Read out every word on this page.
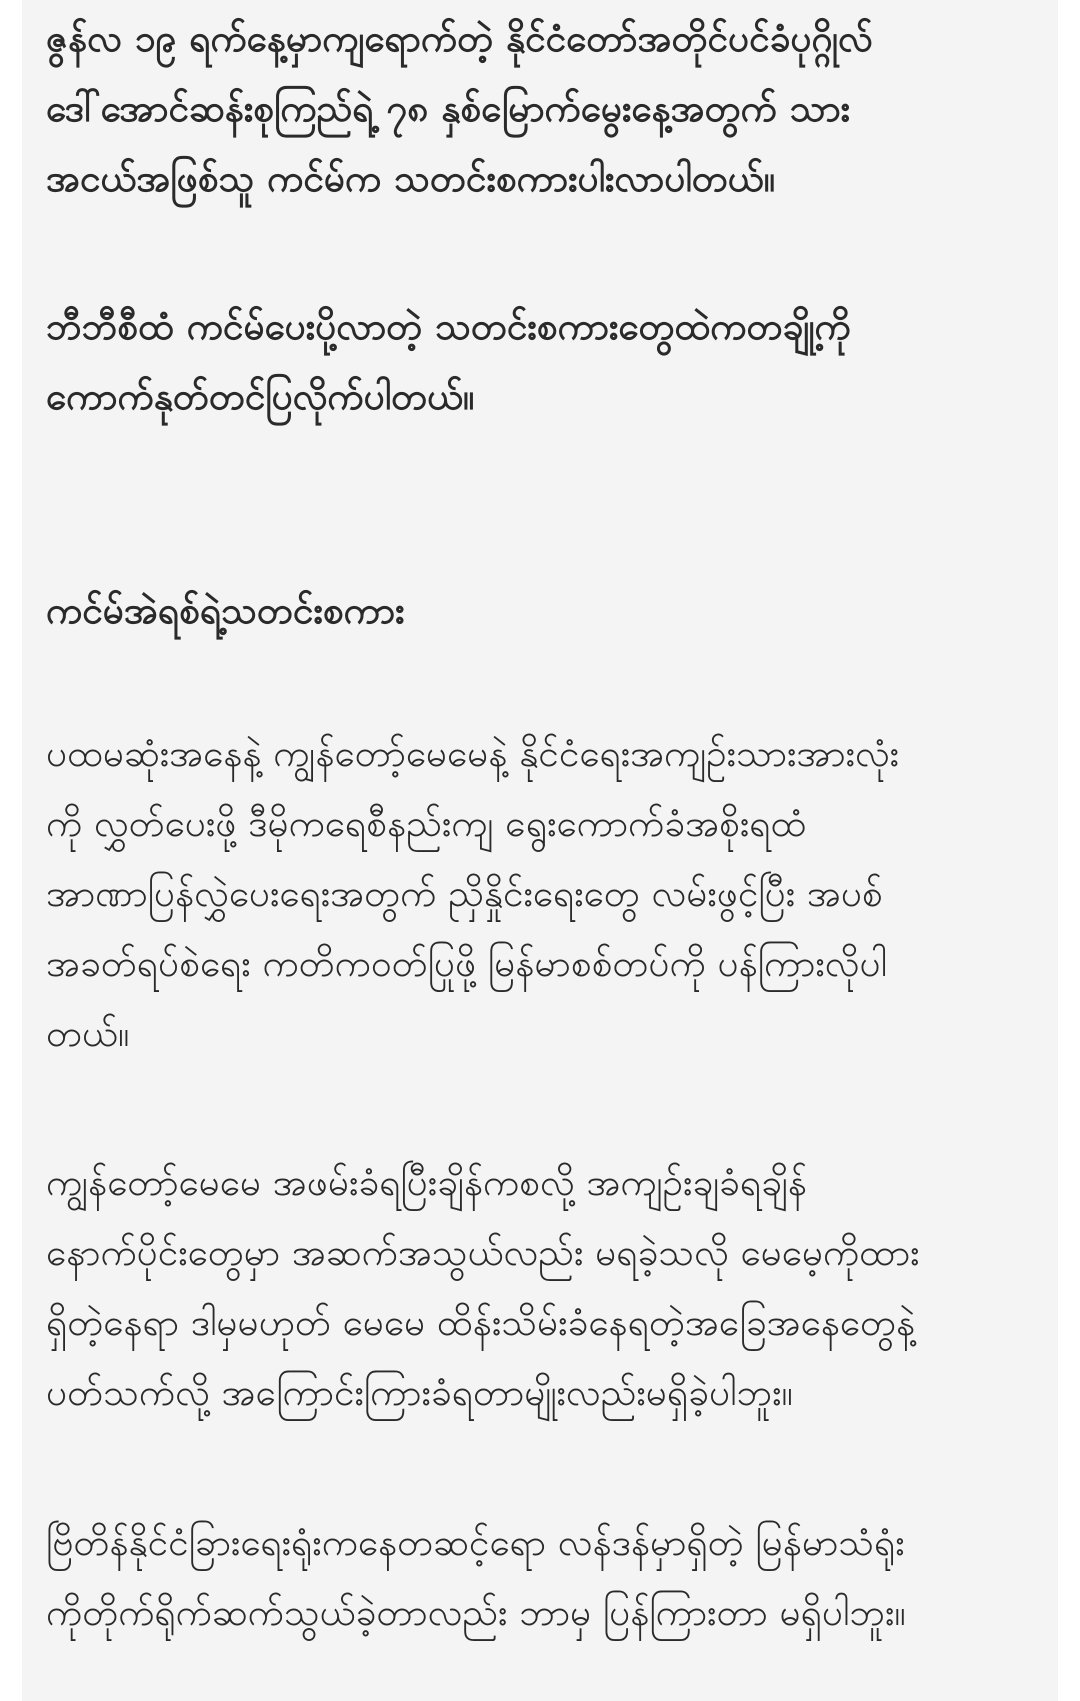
ဇွန်လ ၁၉ ရက်နေ့မှာကျရောက်တဲ့ နိုင်ငံတော်အတိုင်ပင်ခံပုဂ္ဂိုလ်
ဒေါ်အောင်ဆန်းစုကြည်ရဲ့ ၇၈ နှစ်မြောက်မွေးနေ့အတွက် သား
အငယ်အဖြစ်သူ ကင်မ်က သတင်းစကားပါးလာပါတယ်။
ဘီဘီစီထံ ကင်မ်ပေးပို့လာတဲ့ သတင်းစကားတွေထဲကတချို့ကို
ကောက်နုတ်တင်ပြလိုက်ပါတယ်။
ကင်မ်အဲရစ်ရဲ့သတင်းစကား
ပထမဆုံးအနေနဲ့ ကျွန်တော့်မေမေနဲ့ နိုင်ငံရေးအကျဉ်းသားအားလုံး
ကို လွှတ်ပေးဖို့ ဒီမိုကရေစီနည်းကျ ရွေးကောက်ခံအစိုးရထံ
အာဏာပြန်လွှဲပေးရေးအတွက် ညှိနှိုင်းရေးတွေ လမ်းဖွင့်ပြီး အပစ်
အခတ်ရပ်စဲရေး ကတိကဝတ်ပြုဖို့ မြန်မာစစ်တပ်ကို ပန်ကြားလိုပါ
တယ်။
ကျွန်တော့်မေမေ အဖမ်းခံရပြီးချိန်ကစလို့ အကျဉ်းချခံရချိန်
နောက်ပိုင်းတွေမှာ အဆက်အသွယ်လည်း မရခဲ့သလို မေမေ့ကိုထား
ရှိတဲ့နေရာ ဒါမှမဟုတ် မေမေ ထိန်းသိမ်းခံနေရတဲ့အခြေအနေတွေနဲ့
ပတ်သက်လို့ အကြောင်းကြားခံရတာမျိုးလည်းမရှိခဲ့ပါဘူး။
ဗြိတိန်နိုင်ငံခြားရေးရုံးကနေတဆင့်ရော လန်ဒန်မှာရှိတဲ့ မြန်မာသံရုံး
ကိုတိုက်ရိုက်ဆက်သွယ်ခဲ့တာလည်း ဘာမှ ပြန်ကြားတာ မရှိပါဘူး။
